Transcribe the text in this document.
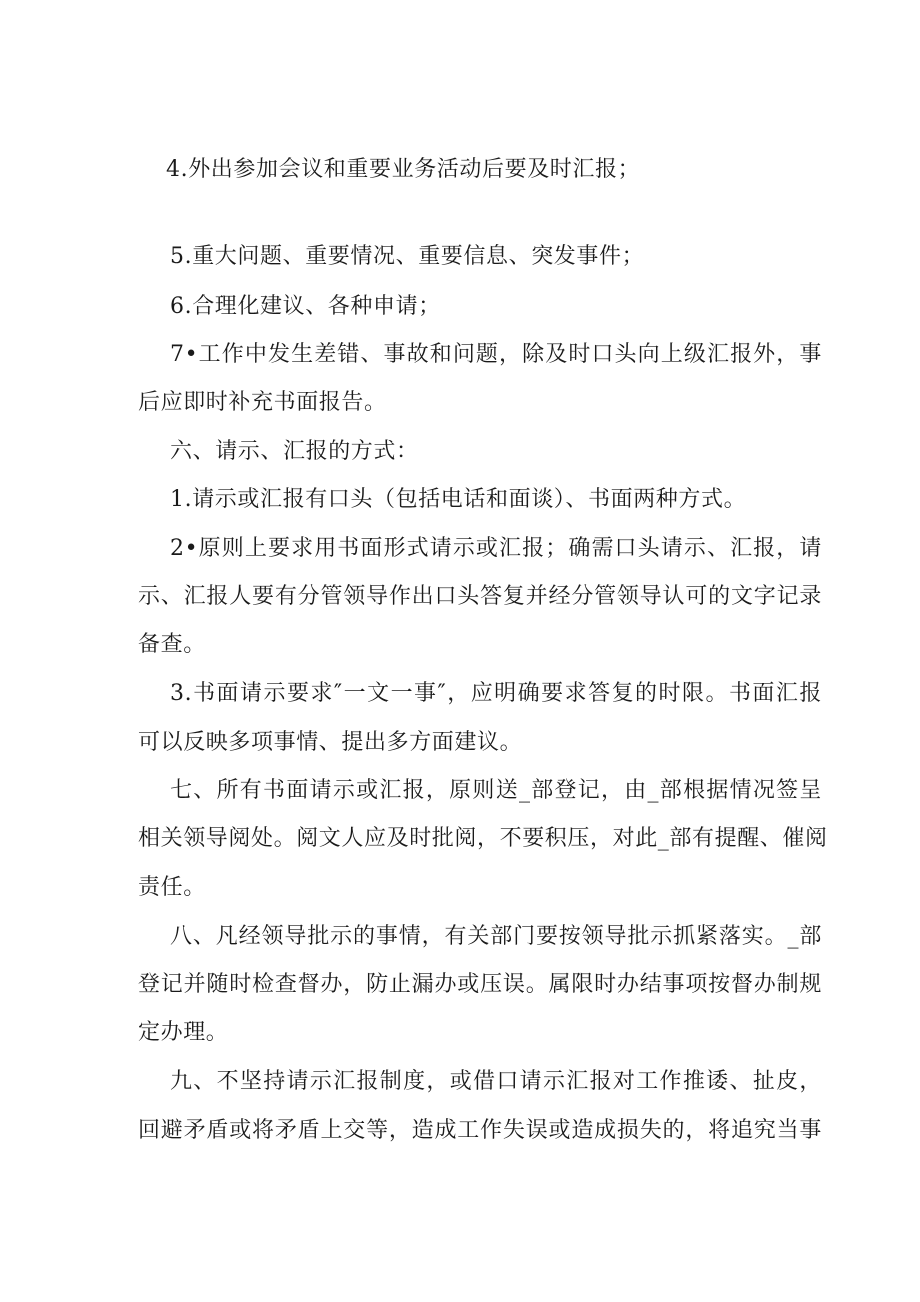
4.外出参加会议和重要业务活动后要及时汇报；
5.重大问题、重要情况、重要信息、突发事件；
6.合理化建议、各种申请；
7•工作中发生差错、事故和问题，除及时口头向上级汇报外，事
后应即时补充书面报告。
六、请示、汇报的方式：
1.请示或汇报有口头（包括电话和面谈）、书面两种方式。
2•原则上要求用书面形式请示或汇报；确需口头请示、汇报，请
示、汇报人要有分管领导作出口头答复并经分管领导认可的文字记录
备查。
3.书面请示要求″一文一事″，应明确要求答复的时限。书面汇报
可以反映多项事情、提出多方面建议。
七、所有书面请示或汇报，原则送_部登记，由_部根据情况签呈
相关领导阅处。阅文人应及时批阅，不要积压，对此_部有提醒、催阅
责任。
八、凡经领导批示的事情，有关部门要按领导批示抓紧落实。_部
登记并随时检查督办，防止漏办或压误。属限时办结事项按督办制规
定办理。
九、不坚持请示汇报制度，或借口请示汇报对工作推诿、扯皮，
回避矛盾或将矛盾上交等，造成工作失误或造成损失的，将追究当事
